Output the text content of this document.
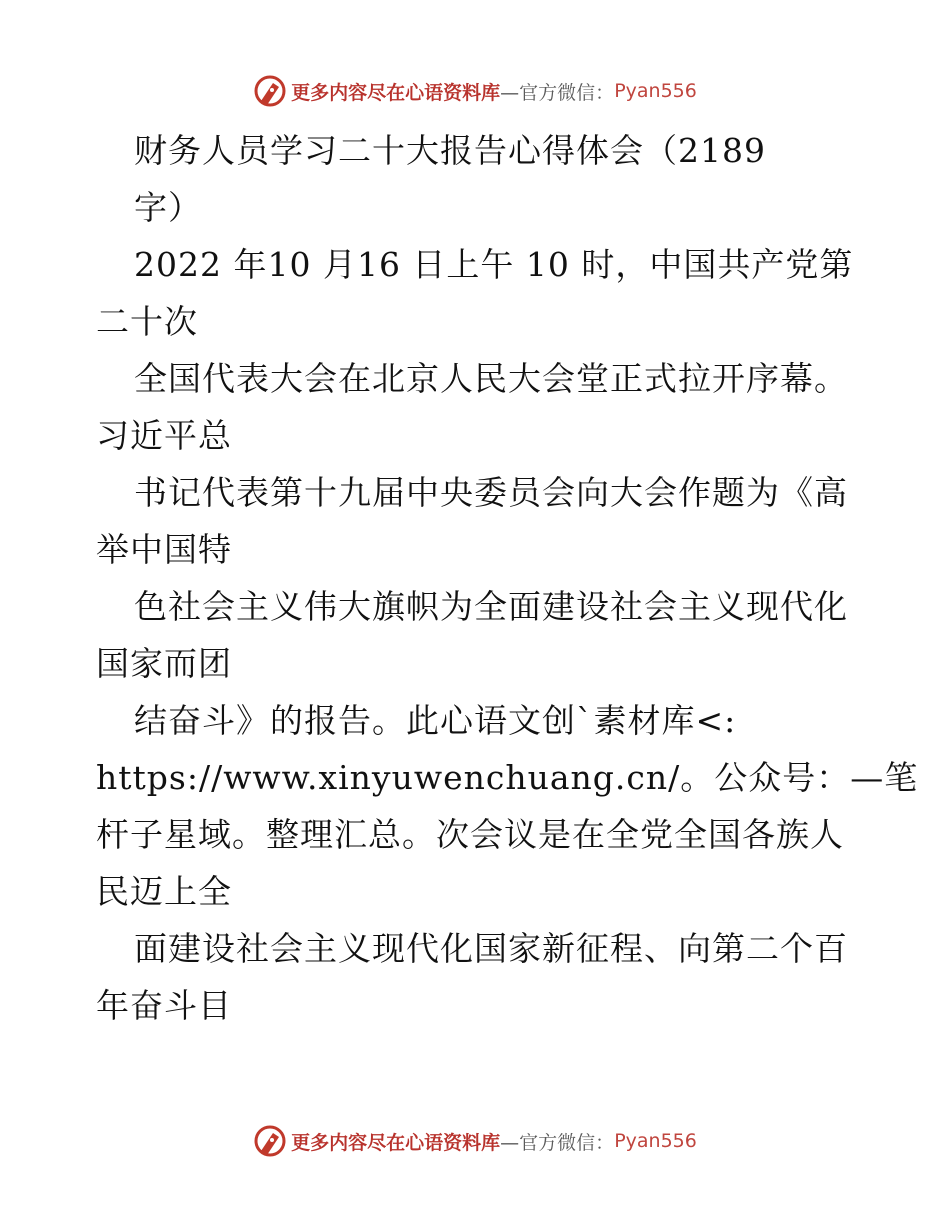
更多内容尽在心语资料库 —官方微信： Pyan556
财务人员学习二十大报告心得体会（2189
字）
2022 年10 月16 日上午 10 时，中国共产党第
二十次
全国代表大会在北京人民大会堂正式拉开序幕。
习近平总
书记代表第十九届中央委员会向大会作题为《高
举中国特
色社会主义伟大旗帜为全面建设社会主义现代化
国家而团
结奋斗》的报告。此心语文创`素材库<:
https://www.xinyuwenchuang.cn/。公众号：—笔
杆子星域。整理汇总。次会议是在全党全国各族人
民迈上全
面建设社会主义现代化国家新征程、向第二个百
年奋斗目
更多内容尽在心语资料库 —官方微信： Pyan556
